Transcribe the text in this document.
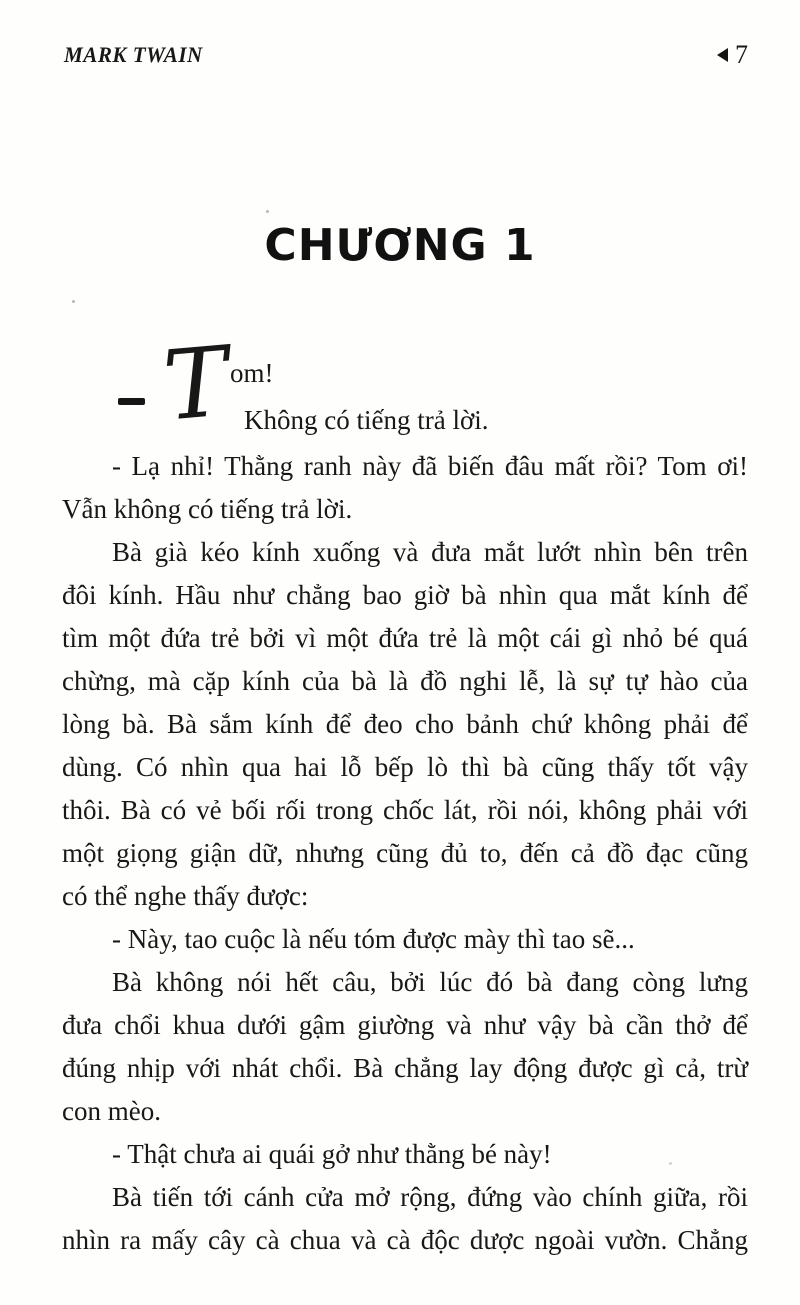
MARK TWAIN	7
CHƯƠNG 1
T
om!
Không có tiếng trả lời.
- Lạ nhỉ! Thằng ranh này đã biến đâu mất rồi? Tom ơi!
Vẫn không có tiếng trả lời.
Bà già kéo kính xuống và đưa mắt lướt nhìn bên trên
đôi kính. Hầu như chẳng bao giờ bà nhìn qua mắt kính để
tìm một đứa trẻ bởi vì một đứa trẻ là một cái gì nhỏ bé quá
chừng, mà cặp kính của bà là đồ nghi lễ, là sự tự hào của
lòng bà. Bà sắm kính để đeo cho bảnh chứ không phải để
dùng. Có nhìn qua hai lỗ bếp lò thì bà cũng thấy tốt vậy
thôi. Bà có vẻ bối rối trong chốc lát, rồi nói, không phải với
một giọng giận dữ, nhưng cũng đủ to, đến cả đồ đạc cũng
có thể nghe thấy được:
- Này, tao cuộc là nếu tóm được mày thì tao sẽ...
Bà không nói hết câu, bởi lúc đó bà đang còng lưng
đưa chổi khua dưới gậm giường và như vậy bà cần thở để
đúng nhịp với nhát chổi. Bà chẳng lay động được gì cả, trừ
con mèo.
- Thật chưa ai quái gở như thằng bé này!
Bà tiến tới cánh cửa mở rộng, đứng vào chính giữa, rồi
nhìn ra mấy cây cà chua và cà độc dược ngoài vườn. Chẳng
